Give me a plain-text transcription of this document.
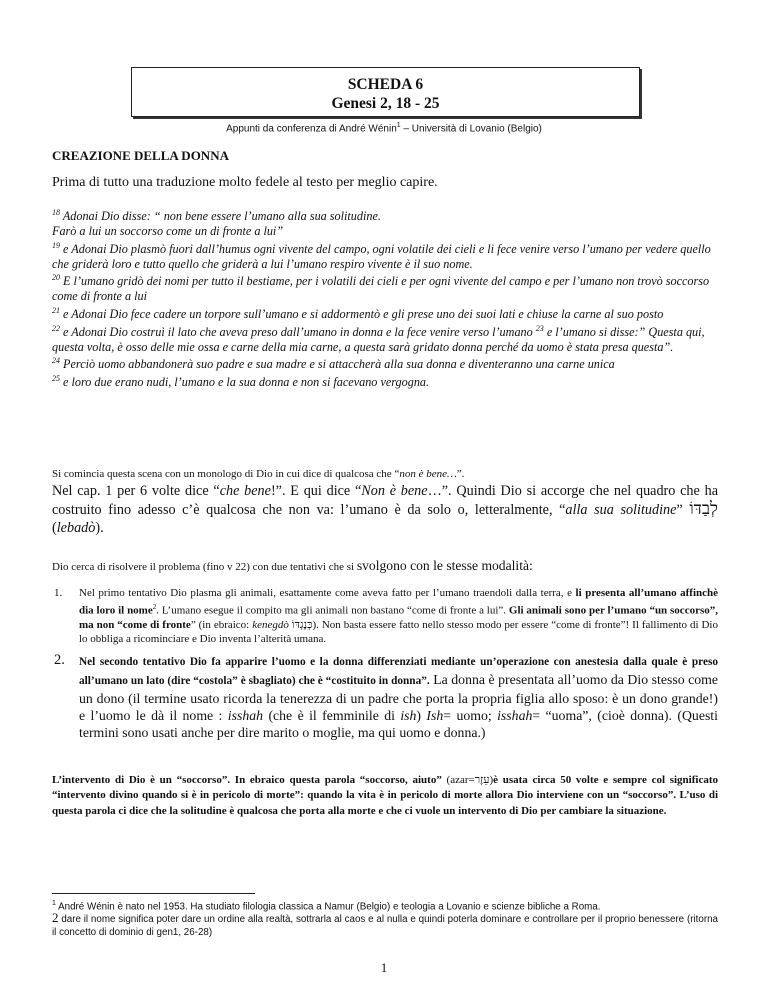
SCHEDA 6
Genesi 2, 18 - 25
Appunti da conferenza di André Wénin$^1$ – Università di Lovanio (Belgio)
CREAZIONE DELLA DONNA
Prima di tutto una traduzione molto fedele al testo per meglio capire.

$^{18}$ Adonai Dio disse: “ non bene essere l’umano alla sua solitudine.

Farò a lui un soccorso come un di fronte a lui”

$^{19}$ e Adonai Dio plasmò fuori dall’humus ogni vivente del campo, ogni volatile dei cieli e li fece venire verso l’umano per vedere quello che griderà loro e tutto quello che griderà a lui l’umano respiro vivente è il suo nome.

$^{20}$ E l’umano gridò dei nomi per tutto il bestiame, per i volatili dei cieli e per ogni vivente del campo e per l’umano non trovò soccorso come di fronte a lui

$^{21}$ e Adonai Dio fece cadere un torpore sull’umano e si addormentò e gli prese uno dei suoi lati e chiuse la carne al suo posto

$^{22}$ e Adonai Dio costruì il lato che aveva preso dall’umano in donna e la fece venire verso l’umano $^{23}$ e l’umano si disse:” Questa qui, questa volta, è osso delle mie ossa e carne della mia carne, a questa sarà gridato donna perché da uomo è stata presa questa”.

$^{24}$ Perciò uomo abbandonerà suo padre e sua madre e si attaccherà alla sua donna e diventeranno una carne unica

$^{25}$ e loro due erano nudi, l’umano e la sua donna e non si facevano vergogna.

Si comincia questa scena con un monologo di Dio in cui dice di qualcosa che “non è bene…”.
Nel cap. 1 per 6 volte dice “che bene!”. E qui dice “Non è bene…”. Quindi Dio si accorge che nel quadro che ha costruito fino adesso c’è qualcosa che non va: l’umano è da solo o, letteralmente, “alla sua solitudine” לְבַדּוֹ (lebadò).
Dio cerca di risolvere il problema (fino v 22) con due tentativi che si svolgono con le stesse modalità:
1. Nel primo tentativo Dio plasma gli animali, esattamente come aveva fatto per l’umano traendoli dalla terra, e li presenta all’umano affinchè dia loro il nome$^2$. L’umano esegue il compito ma gli animali non bastano “come di fronte a lui”. Gli animali sono per l’umano “un soccorso”, ma non “come di fronte” (in ebraico: kenegdò כְּנֶגְדּוֹ). Non basta essere fatto nello stesso modo per essere “come di fronte”! Il fallimento di Dio lo obbliga a ricominciare e Dio inventa l’alterità umana.
2. Nel secondo tentativo Dio fa apparire l’uomo e la donna differenziati mediante un’operazione con anestesia dalla quale è preso all’umano un lato (dire “costola” è sbagliato) che è “costituito in donna”. La donna è presentata all’uomo da Dio stesso come un dono (il termine usato ricorda la tenerezza di un padre che porta la propria figlia allo sposo: è un dono grande!) e l’uomo le dà il nome : isshah (che è il femminile di ish) Ish= uomo; isshah= “uoma”, (cioè donna). (Questi termini sono usati anche per dire marito o moglie, ma qui uomo e donna.)
L’intervento di Dio è un “soccorso”. In ebraico questa parola “soccorso, aiuto” (azar=עֵזֶר)è usata circa 50 volte e sempre col significato “intervento divino quando si è in pericolo di morte”: quando la vita è in pericolo di morte allora Dio interviene con un “soccorso”. L’uso di questa parola ci dice che la solitudine è qualcosa che porta alla morte e che ci vuole un intervento di Dio per cambiare la situazione.
$^1$ André Wénin è nato nel 1953. Ha studiato filologia classica a Namur (Belgio) e teologia a Lovanio e scienze bibliche a Roma.
2 dare il nome significa poter dare un ordine alla realtà, sottrarla al caos e al nulla e quindi poterla dominare e controllare per il proprio benessere (ritorna il concetto di dominio di gen1, 26-28)
1
